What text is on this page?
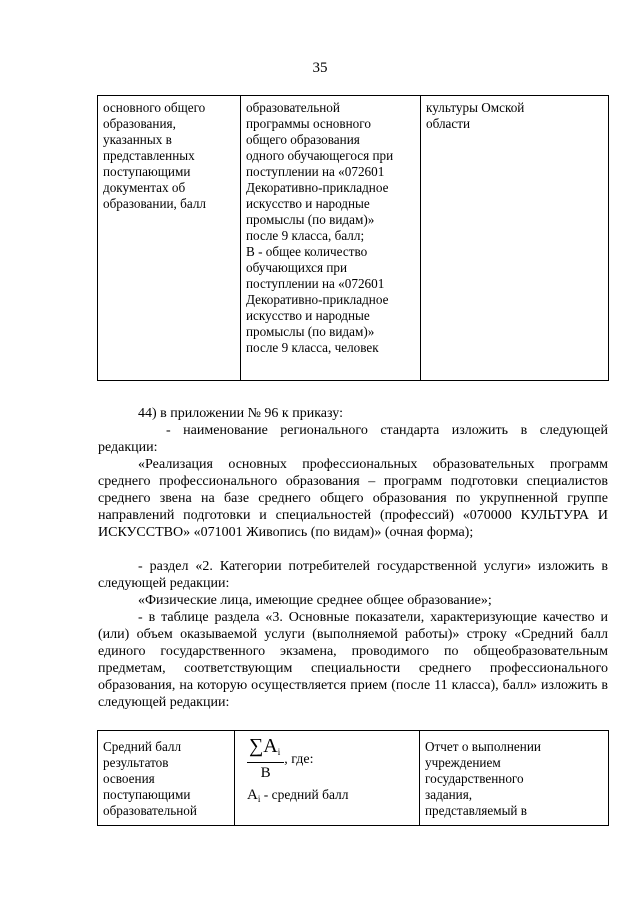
35
основного общего
образования,
указанных в
представленных
поступающими
документах об
образовании, балл

образовательной
программы основного
общего образования
одного обучающегося при
поступлении на «072601
Декоративно-прикладное
искусство и народные
промыслы (по видам)»
после 9 класса, балл;
В - общее количество
обучающихся при
поступлении на «072601
Декоративно-прикладное
искусство и народные
промыслы (по видам)»
после 9 класса, человек

культуры Омской
области
44) в приложении № 96 к приказу:
- наименование регионального стандарта изложить в следующей редакции:
«Реализация основных профессиональных образовательных программ среднего профессионального образования – программ подготовки специалистов среднего звена на базе среднего общего образования по укрупненной группе направлений подготовки и специальностей (профессий) «070000 КУЛЬТУРА И ИСКУССТВО» «071001 Живопись (по видам)» (очная форма);
- раздел «2. Категории потребителей государственной услуги» изложить в следующей редакции:
«Физические лица, имеющие среднее общее образование»;
- в таблице раздела «3. Основные показатели, характеризующие качество и (или) объем оказываемой услуги (выполняемой работы)» строку «Средний балл единого государственного экзамена, проводимого по общеобразовательным предметам, соответствующим специальности среднего профессионального образования, на которую осуществляется прием (после 11 класса), балл» изложить в следующей редакции:
Средний балл
результатов
освоения
поступающими
образовательной

$\frac{\sum A_i}{B}$ , где:
$A_i$ - средний балл

Отчет о выполнении
учреждением
государственного
задания,
представляемый в
